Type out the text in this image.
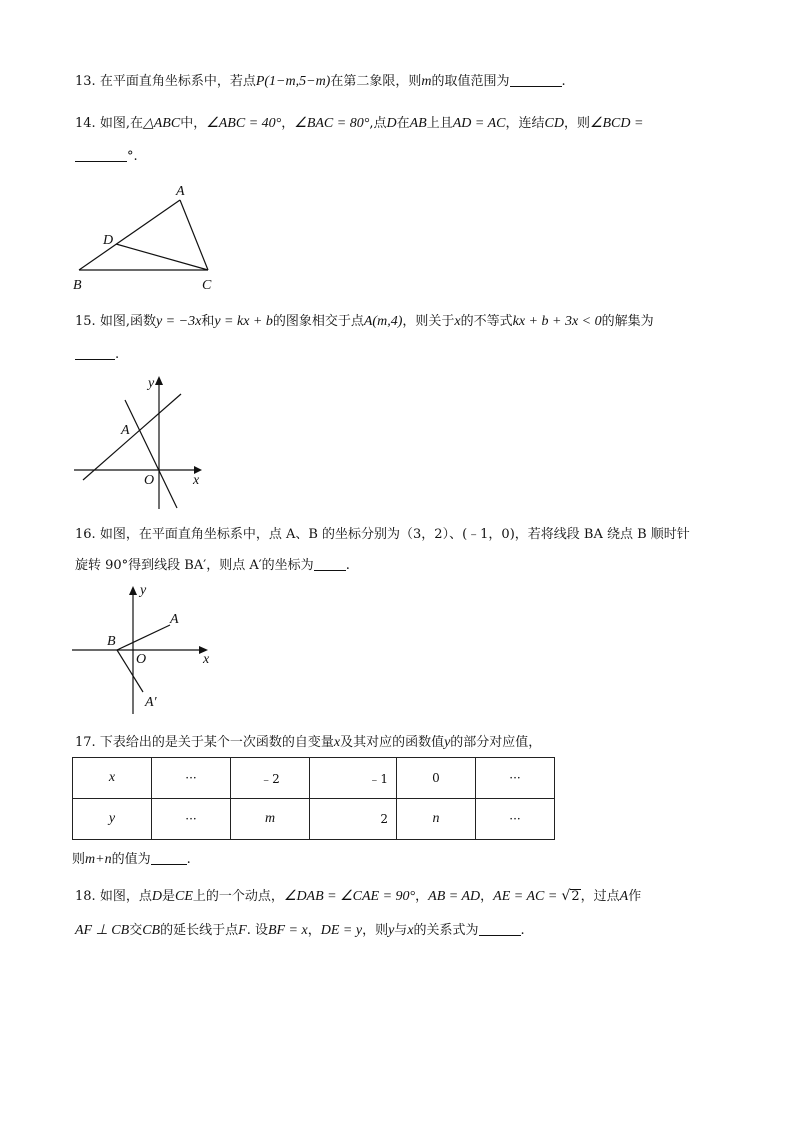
13. 在平面直角坐标系中，若点P(1−m,5−m)在第二象限，则m的取值范围为	.
14. 如图,在△ABC中，∠ABC = 40°，∠BAC = 80°,点D在AB上且AD = AC，连结CD，则∠BCD =
°.
A
B	C
D
15. 如图,函数y = −3x和y = kx + b的图象相交于点A(m,4)，则关于x的不等式kx + b + 3x < 0的解集为
.
y
A
O	x
16. 如图，在平面直角坐标系中，点 A、B 的坐标分别为（3，2）、(﹣1，0)，若将线段 BA 绕点 B 顺时针
旋转 90°得到线段 BA′，则点 A′的坐标为 .
y
A
B
O	x
A′
17. 下表给出的是关于某个一次函数的自变量x及其对应的函数值y的部分对应值，
x	···	﹣2	﹣1	0	···
y	···	m	2	n	···
则m+n的值为	.
18. 如图，点D是CE上的一个动点，∠DAB = ∠CAE = 90°，AB = AD，AE = AC = √2，过点A作
AF ⊥ CB交CB的延长线于点F. 设BF = x，DE = y，则y与x的关系式为	.
